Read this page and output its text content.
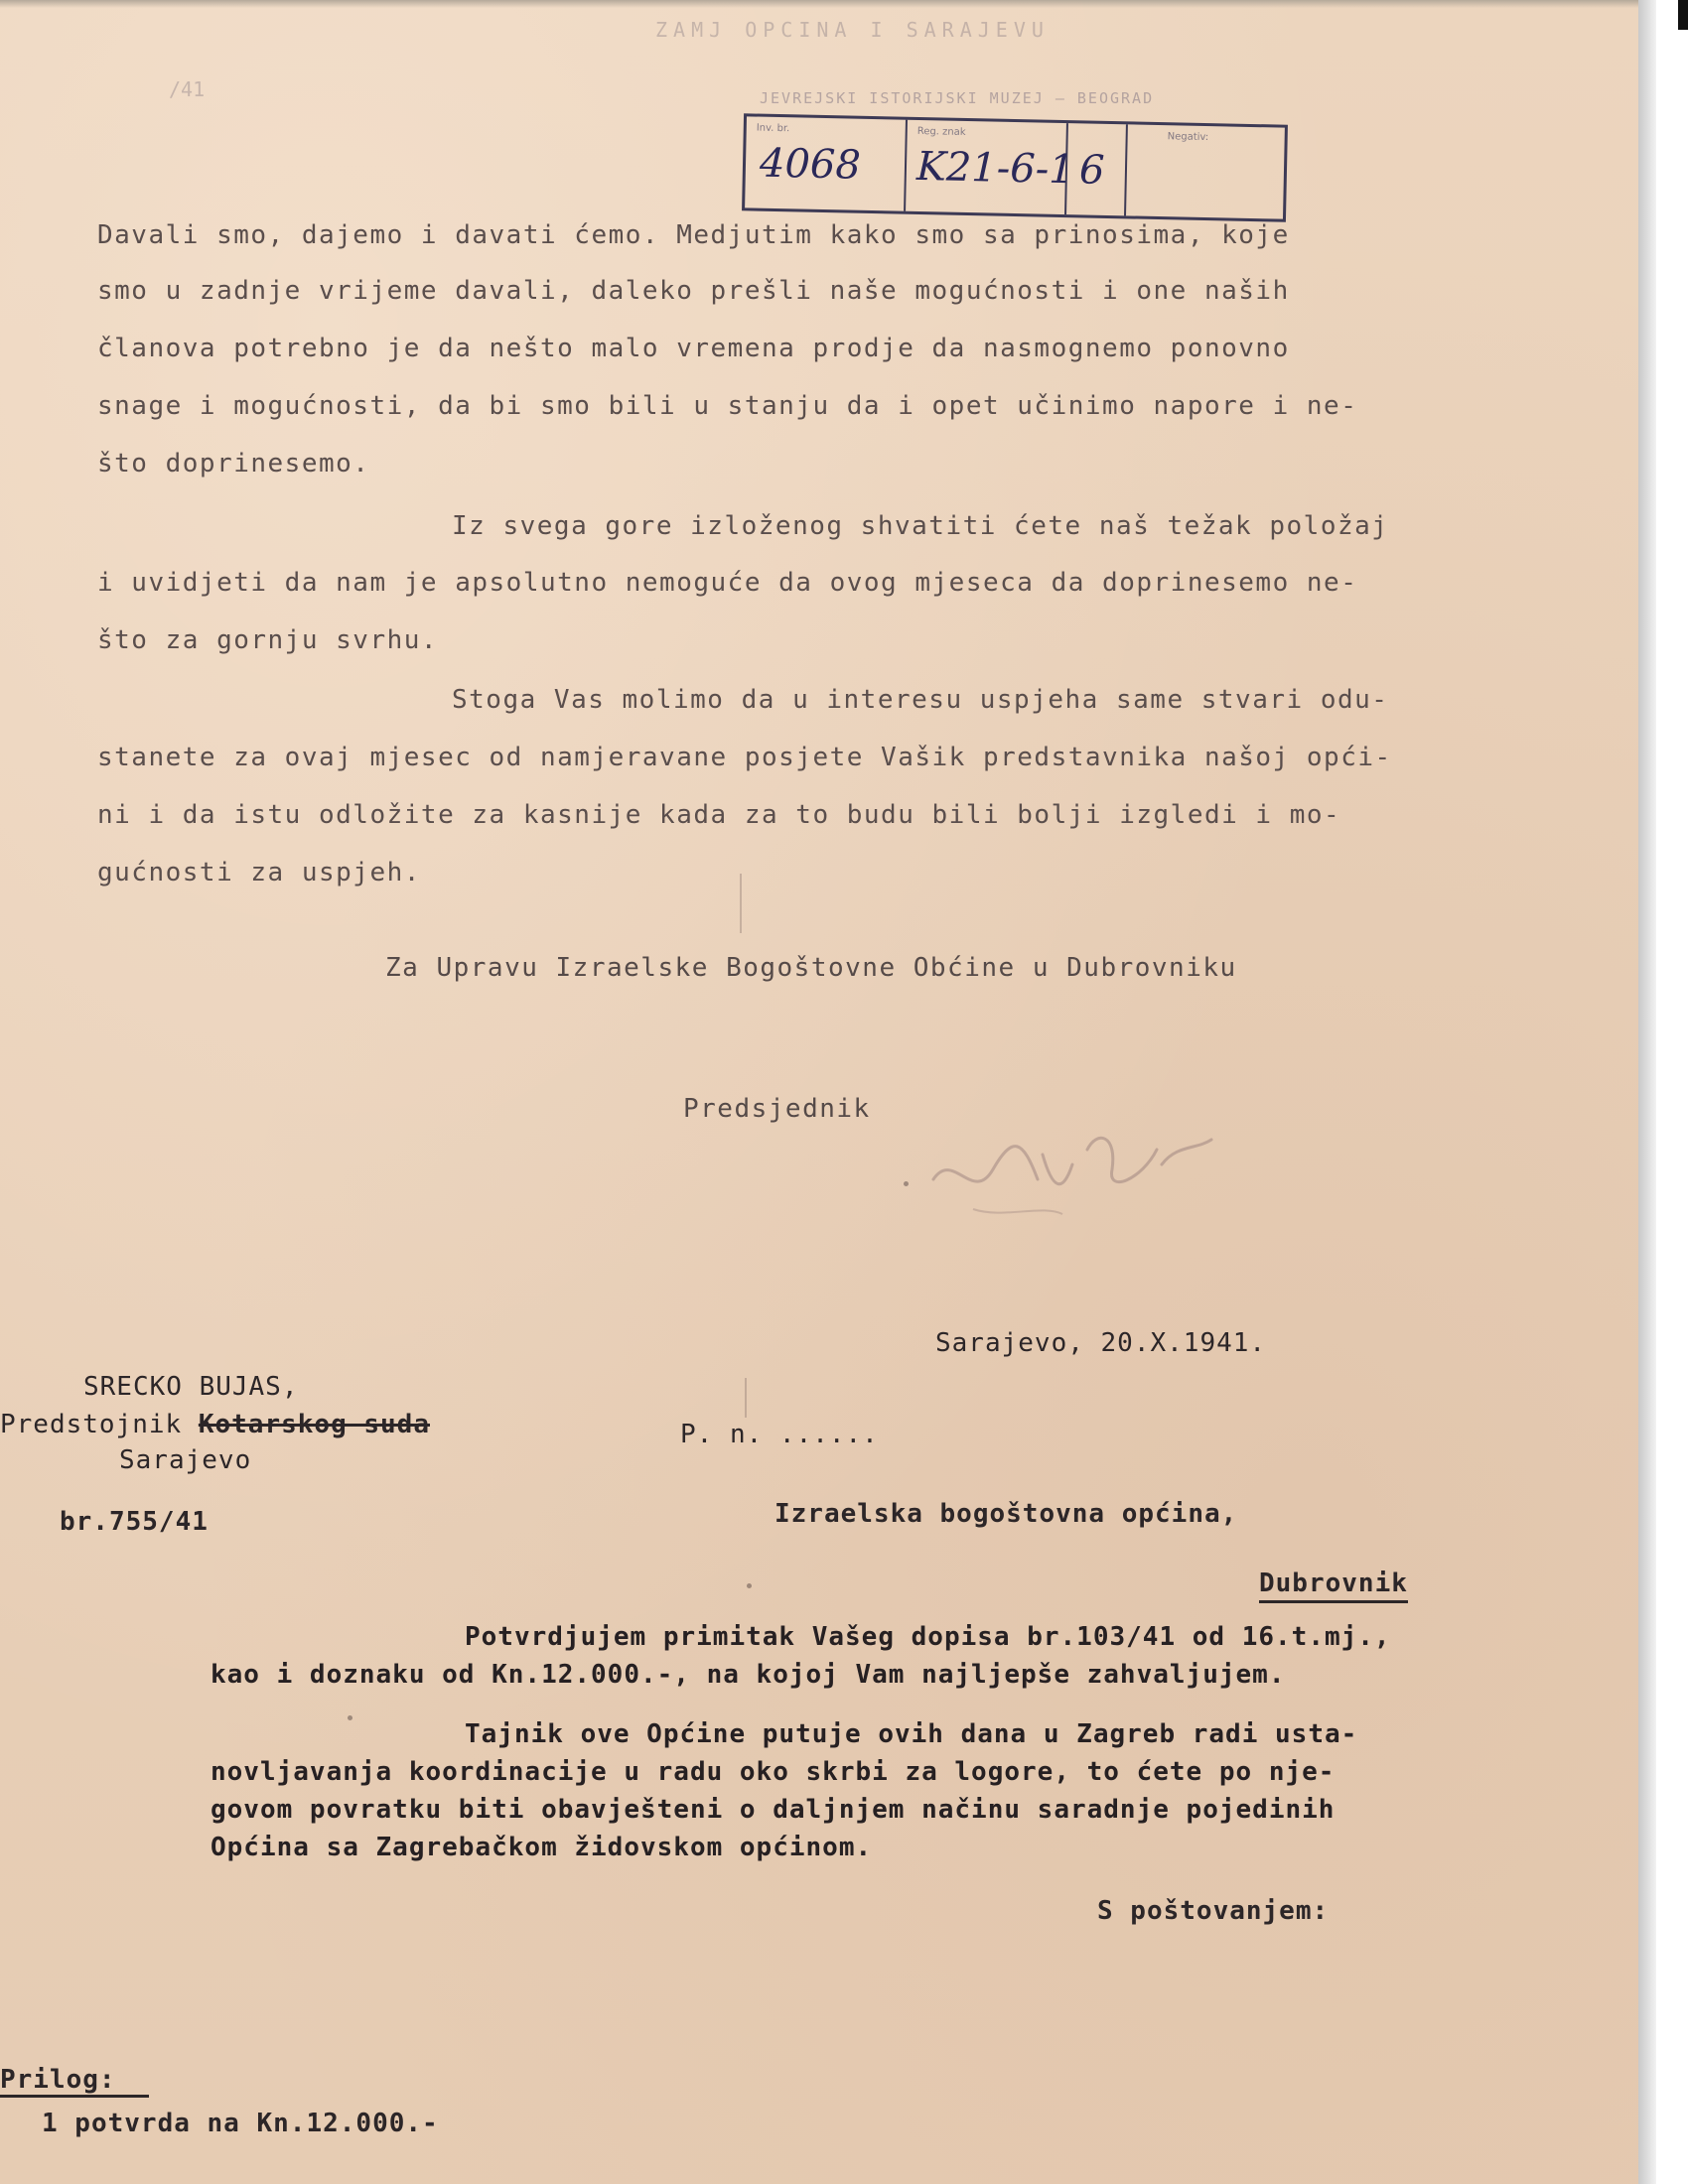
ZAMJ OPCINA I SARAJEVU
/41	JEVREJSKI ISTORIJSKI MUZEJ — BEOGRAD
Inv. br.
4068
Reg. znak
K21-6-1 6
Negativ:
Davali smo, dajemo i davati ćemo. Medjutim kako smo sa prinosima, koje
smo u zadnje vrijeme davali, daleko prešli naše mogućnosti i one naših
članova potrebno je da nešto malo vremena prodje da nasmognemo ponovno
snage i mogućnosti, da bi smo bili u stanju da i opet učinimo napore i ne-
što doprinesemo.
Iz svega gore izloženog shvatiti ćete naš težak položaj
i uvidjeti da nam je apsolutno nemoguće da ovog mjeseca da doprinesemo ne-
što za gornju svrhu.
Stoga Vas molimo da u interesu uspjeha same stvari odu-
stanete za ovaj mjesec od namjeravane posjete Vašik predstavnika našoj opći-
ni i da istu odložite za kasnije kada za to budu bili bolji izgledi i mo-
gućnosti za uspjeh.
Za Upravu Izraelske Bogoštovne Obćine u Dubrovniku
Predsjednik
Sarajevo, 20.X.1941.
SRECKO BUJAS,
Predstojnik Kotarskog suda
Sarajevo
br.755/41
P. n. ......
Izraelska bogoštovna općina,
Dubrovnik
Potvrdjujem primitak Vašeg dopisa br.103/41 od 16.t.mj.,
kao i doznaku od Kn.12.000.-, na kojoj Vam najljepše zahvaljujem.
Tajnik ove Općine putuje ovih dana u Zagreb radi usta-
novljavanja koordinacije u radu oko skrbi za logore, to ćete po nje-
govom povratku biti obavješteni o daljnjem načinu saradnje pojedinih
Općina sa Zagrebačkom židovskom općinom.
S poštovanjem:
Prilog:
1 potvrda na Kn.12.000.-
